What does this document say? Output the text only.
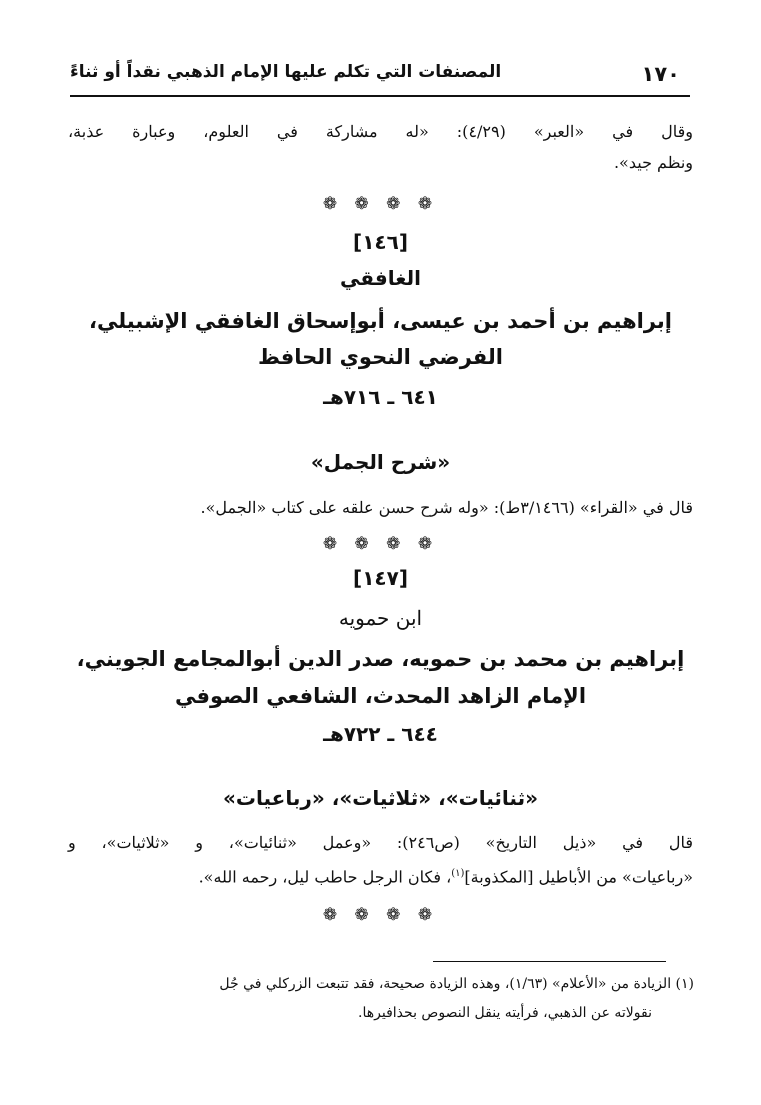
١٧٠
المصنفات التي تكلم عليها الإمام الذهبي نقداً أو ثناءً
وقال في «العبر» (٤/٢٩): «له مشاركة في العلوم، وعبارة عذبة،
ونظم جيد».
❁ ❁ ❁ ❁
[١٤٦]
الغافقي
إبراهيم بن أحمد بن عيسى، أبوإسحاق الغافقي الإشبيلي،
الفرضي النحوي الحافظ
٦٤١ ـ ٧١٦هـ
«شرح الجمل»
قال في «القراء» (٣/١٤٦٦ط): «وله شرح حسن علقه على كتاب «الجمل».
❁ ❁ ❁ ❁
[١٤٧]
ابن حمويه
إبراهيم بن محمد بن حمويه، صدر الدين أبوالمجامع الجويني،
الإمام الزاهد المحدث، الشافعي الصوفي
٦٤٤ ـ ٧٢٢هـ
«ثنائيات»، «ثلاثيات»، «رباعيات»
قال في «ذيل التاريخ» (ص٢٤٦): «وعمل «ثنائيات»، و «ثلاثيات»، و
«رباعيات» من الأباطيل [المكذوبة]$^{(١)}$، فكان الرجل حاطب ليل، رحمه الله».
❁ ❁ ❁ ❁
(١) الزيادة من «الأعلام» (١/٦٣)، وهذه الزيادة صحيحة، فقد تتبعت الزركلي في جُل
نقولاته عن الذهبي، فرأيته ينقل النصوص بحذافيرها.
